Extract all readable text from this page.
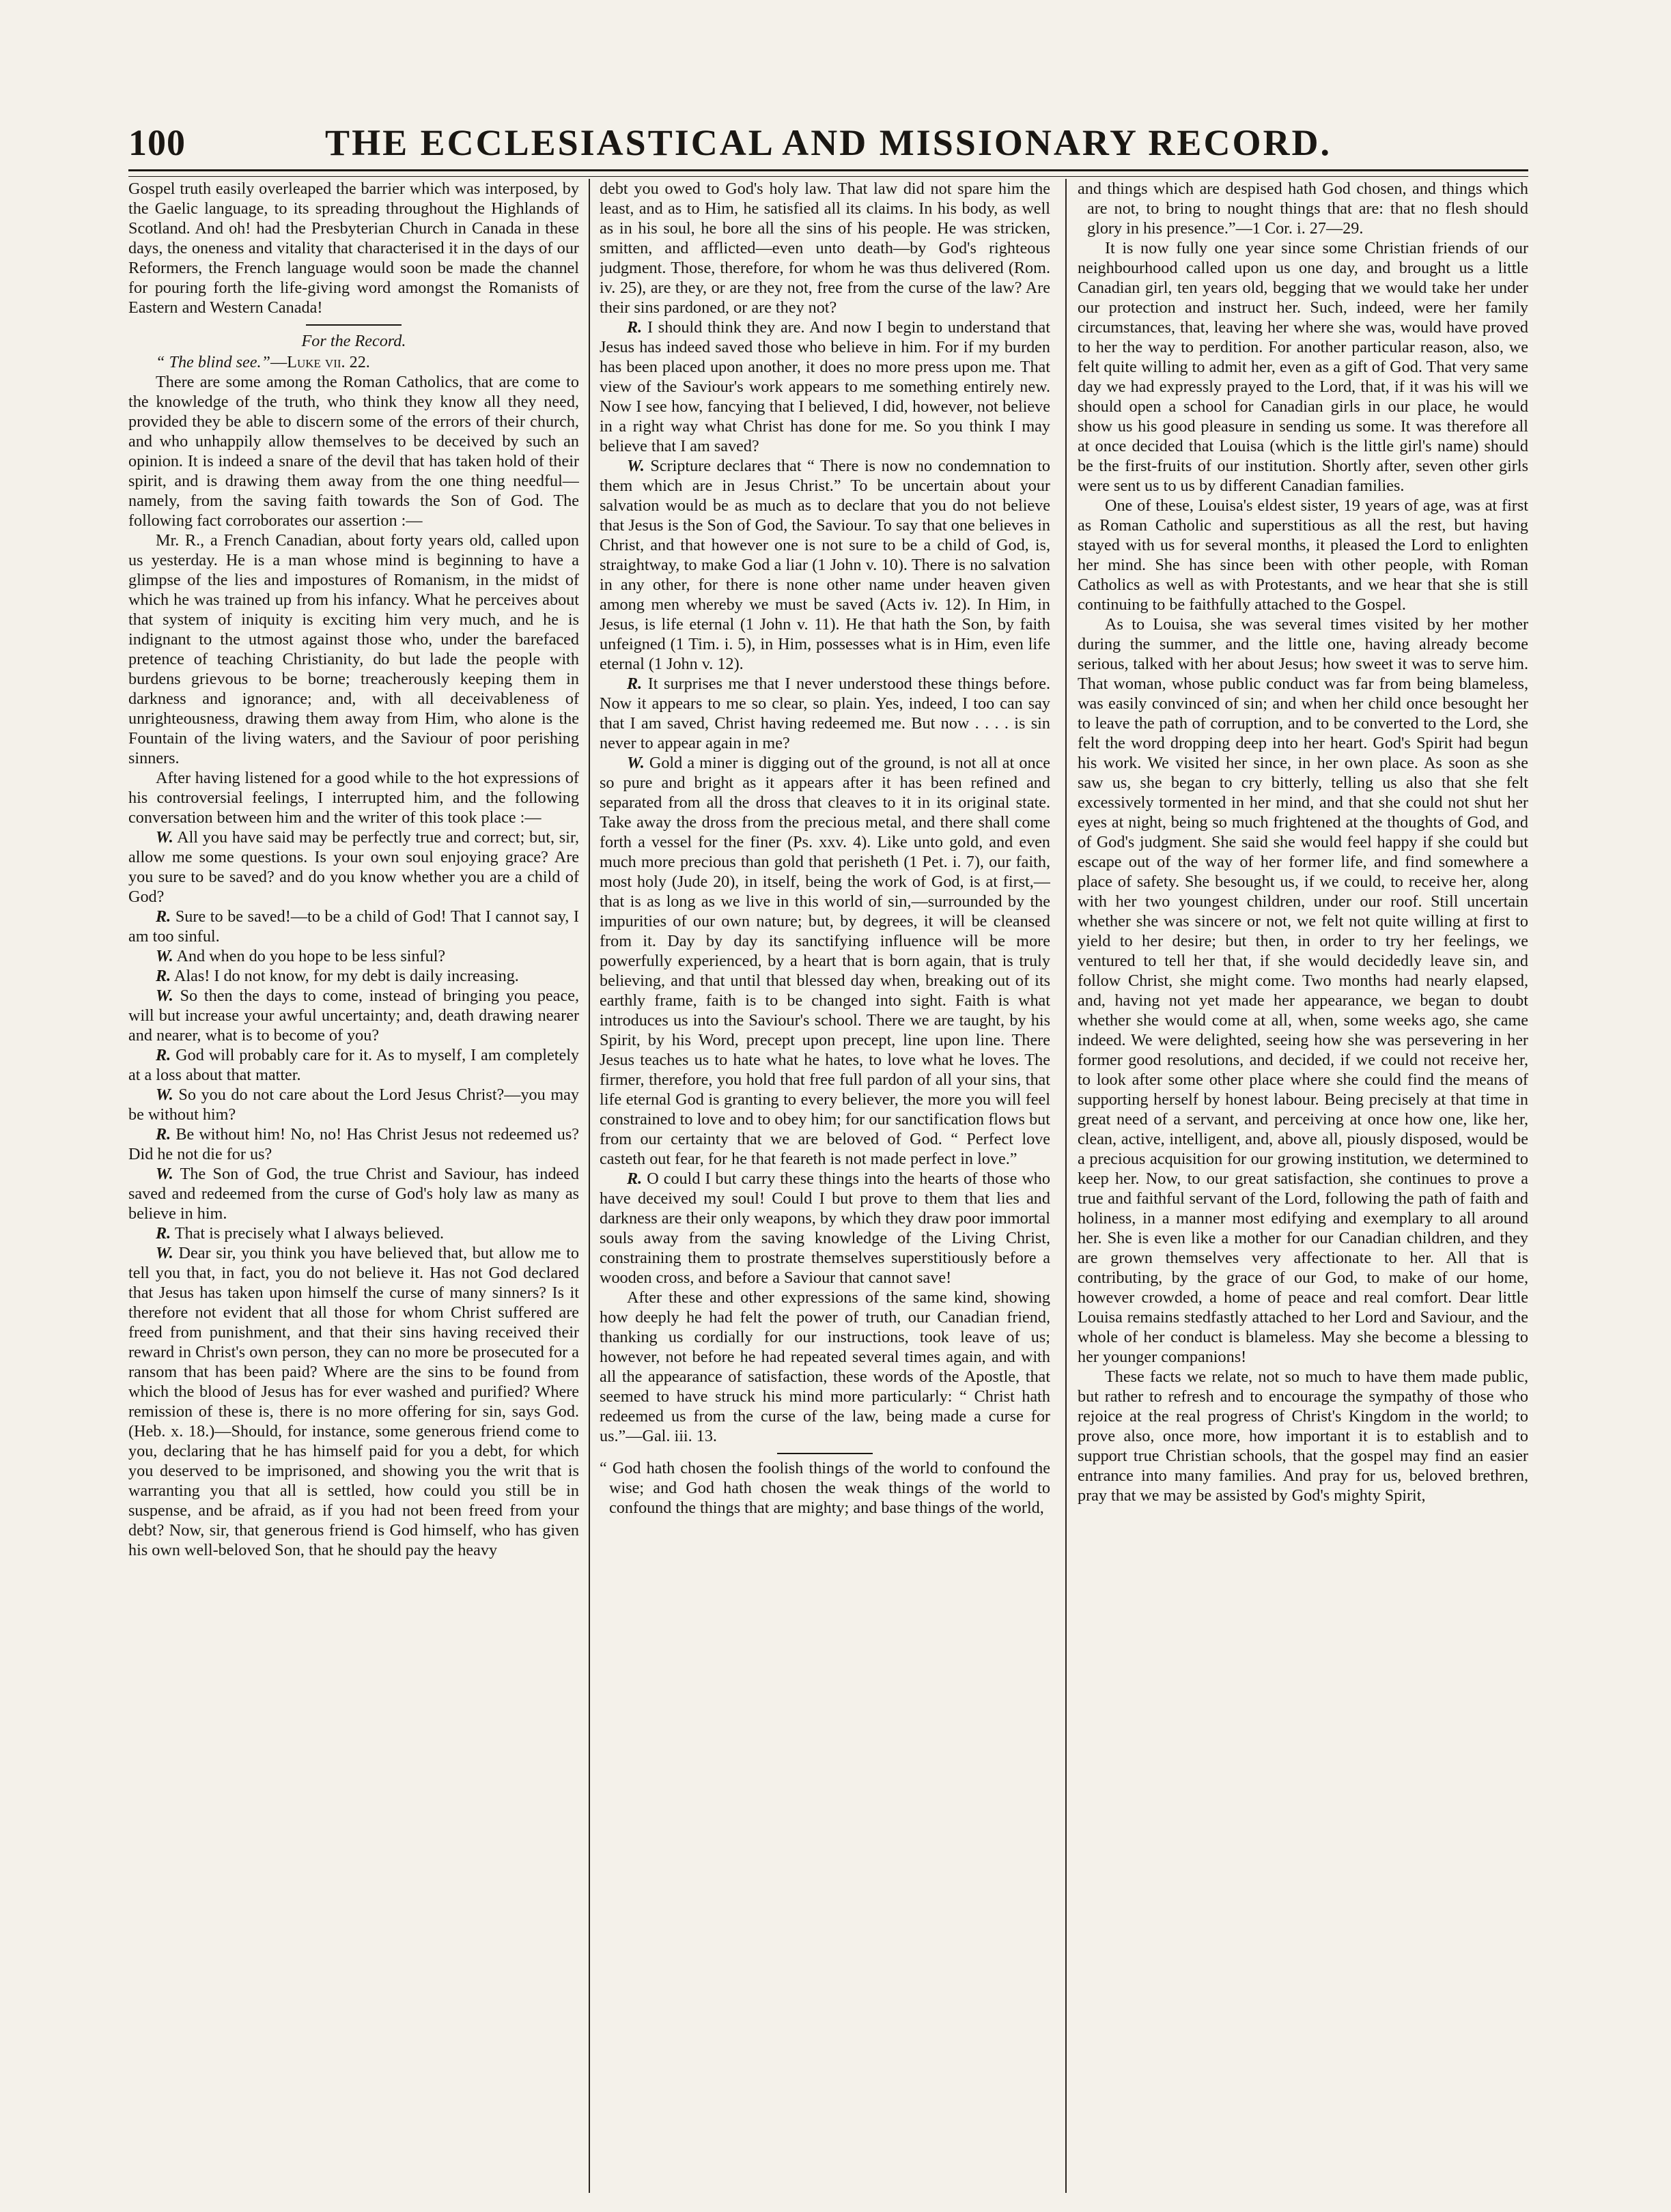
100	THE ECCLESIASTICAL AND MISSIONARY RECORD.

Gospel truth easily overleaped the barrier which was interposed, by the Gaelic language, to its spreading throughout the Highlands of Scotland. And oh! had the Presbyterian Church in Canada in these days, the oneness and vitality that characterised it in the days of our Reformers, the French language would soon be made the channel for pouring forth the life-giving word amongst the Romanists of Eastern and Western Canada!

For the Record.

“ The blind see.”—Luke vii. 22.

There are some among the Roman Catholics, that are come to the knowledge of the truth, who think they know all they need, provided they be able to discern some of the errors of their church, and who unhappily allow themselves to be deceived by such an opinion. It is indeed a snare of the devil that has taken hold of their spirit, and is drawing them away from the one thing needful—namely, from the saving faith towards the Son of God. The following fact corroborates our assertion :—

Mr. R., a French Canadian, about forty years old, called upon us yesterday. He is a man whose mind is beginning to have a glimpse of the lies and impostures of Romanism, in the midst of which he was trained up from his infancy. What he perceives about that system of iniquity is exciting him very much, and he is indignant to the utmost against those who, under the barefaced pretence of teaching Christianity, do but lade the people with burdens grievous to be borne; treacherously keeping them in darkness and ignorance; and, with all deceivableness of unrighteousness, drawing them away from Him, who alone is the Fountain of the living waters, and the Saviour of poor perishing sinners.

After having listened for a good while to the hot expressions of his controversial feelings, I interrupted him, and the following conversation between him and the writer of this took place :—

W. All you have said may be perfectly true and correct; but, sir, allow me some questions. Is your own soul enjoying grace? Are you sure to be saved? and do you know whether you are a child of God?

R. Sure to be saved!—to be a child of God! That I cannot say, I am too sinful.

W. And when do you hope to be less sinful?

R. Alas! I do not know, for my debt is daily increasing.

W. So then the days to come, instead of bringing you peace, will but increase your awful uncertainty; and, death drawing nearer and nearer, what is to become of you?

R. God will probably care for it. As to myself, I am completely at a loss about that matter.

W. So you do not care about the Lord Jesus Christ?—you may be without him?

R. Be without him! No, no! Has Christ Jesus not redeemed us? Did he not die for us?

W. The Son of God, the true Christ and Saviour, has indeed saved and redeemed from the curse of God's holy law as many as believe in him.

R. That is precisely what I always believed.

W. Dear sir, you think you have believed that, but allow me to tell you that, in fact, you do not believe it. Has not God declared that Jesus has taken upon himself the curse of many sinners? Is it therefore not evident that all those for whom Christ suffered are freed from punishment, and that their sins having received their reward in Christ's own person, they can no more be prosecuted for a ransom that has been paid? Where are the sins to be found from which the blood of Jesus has for ever washed and purified? Where remission of these is, there is no more offering for sin, says God. (Heb. x. 18.)—Should, for instance, some generous friend come to you, declaring that he has himself paid for you a debt, for which you deserved to be imprisoned, and showing you the writ that is warranting you that all is settled, how could you still be in suspense, and be afraid, as if you had not been freed from your debt? Now, sir, that generous friend is God himself, who has given his own well-beloved Son, that he should pay the heavy

debt you owed to God's holy law. That law did not spare him the least, and as to Him, he satisfied all its claims. In his body, as well as in his soul, he bore all the sins of his people. He was stricken, smitten, and afflicted—even unto death—by God's righteous judgment. Those, therefore, for whom he was thus delivered (Rom. iv. 25), are they, or are they not, free from the curse of the law? Are their sins pardoned, or are they not?

R. I should think they are. And now I begin to understand that Jesus has indeed saved those who believe in him. For if my burden has been placed upon another, it does no more press upon me. That view of the Saviour's work appears to me something entirely new. Now I see how, fancying that I believed, I did, however, not believe in a right way what Christ has done for me. So you think I may believe that I am saved?

W. Scripture declares that “ There is now no condemnation to them which are in Jesus Christ.” To be uncertain about your salvation would be as much as to declare that you do not believe that Jesus is the Son of God, the Saviour. To say that one believes in Christ, and that however one is not sure to be a child of God, is, straightway, to make God a liar (1 John v. 10). There is no salvation in any other, for there is none other name under heaven given among men whereby we must be saved (Acts iv. 12). In Him, in Jesus, is life eternal (1 John v. 11). He that hath the Son, by faith unfeigned (1 Tim. i. 5), in Him, possesses what is in Him, even life eternal (1 John v. 12).

R. It surprises me that I never understood these things before. Now it appears to me so clear, so plain. Yes, indeed, I too can say that I am saved, Christ having redeemed me. But now . . . . is sin never to appear again in me?

W. Gold a miner is digging out of the ground, is not all at once so pure and bright as it appears after it has been refined and separated from all the dross that cleaves to it in its original state. Take away the dross from the precious metal, and there shall come forth a vessel for the finer (Ps. xxv. 4). Like unto gold, and even much more precious than gold that perisheth (1 Pet. i. 7), our faith, most holy (Jude 20), in itself, being the work of God, is at first,—that is as long as we live in this world of sin,—surrounded by the impurities of our own nature; but, by degrees, it will be cleansed from it. Day by day its sanctifying influence will be more powerfully experienced, by a heart that is born again, that is truly believing, and that until that blessed day when, breaking out of its earthly frame, faith is to be changed into sight. Faith is what introduces us into the Saviour's school. There we are taught, by his Spirit, by his Word, precept upon precept, line upon line. There Jesus teaches us to hate what he hates, to love what he loves. The firmer, therefore, you hold that free full pardon of all your sins, that life eternal God is granting to every believer, the more you will feel constrained to love and to obey him; for our sanctification flows but from our certainty that we are beloved of God. “ Perfect love casteth out fear, for he that feareth is not made perfect in love.”

R. O could I but carry these things into the hearts of those who have deceived my soul! Could I but prove to them that lies and darkness are their only weapons, by which they draw poor immortal souls away from the saving knowledge of the Living Christ, constraining them to prostrate themselves superstitiously before a wooden cross, and before a Saviour that cannot save!

After these and other expressions of the same kind, showing how deeply he had felt the power of truth, our Canadian friend, thanking us cordially for our instructions, took leave of us; however, not before he had repeated several times again, and with all the appearance of satisfaction, these words of the Apostle, that seemed to have struck his mind more particularly: “ Christ hath redeemed us from the curse of the law, being made a curse for us.”—Gal. iii. 13.

“ God hath chosen the foolish things of the world to confound the wise; and God hath chosen the weak things of the world to confound the things that are mighty; and base things of the world,

and things which are despised hath God chosen, and things which are not, to bring to nought things that are: that no flesh should glory in his presence.”—1 Cor. i. 27—29.

It is now fully one year since some Christian friends of our neighbourhood called upon us one day, and brought us a little Canadian girl, ten years old, begging that we would take her under our protection and instruct her. Such, indeed, were her family circumstances, that, leaving her where she was, would have proved to her the way to perdition. For another particular reason, also, we felt quite willing to admit her, even as a gift of God. That very same day we had expressly prayed to the Lord, that, if it was his will we should open a school for Canadian girls in our place, he would show us his good pleasure in sending us some. It was therefore all at once decided that Louisa (which is the little girl's name) should be the first-fruits of our institution. Shortly after, seven other girls were sent us to us by different Canadian families.

One of these, Louisa's eldest sister, 19 years of age, was at first as Roman Catholic and superstitious as all the rest, but having stayed with us for several months, it pleased the Lord to enlighten her mind. She has since been with other people, with Roman Catholics as well as with Protestants, and we hear that she is still continuing to be faithfully attached to the Gospel.

As to Louisa, she was several times visited by her mother during the summer, and the little one, having already become serious, talked with her about Jesus; how sweet it was to serve him. That woman, whose public conduct was far from being blameless, was easily convinced of sin; and when her child once besought her to leave the path of corruption, and to be converted to the Lord, she felt the word dropping deep into her heart. God's Spirit had begun his work. We visited her since, in her own place. As soon as she saw us, she began to cry bitterly, telling us also that she felt excessively tormented in her mind, and that she could not shut her eyes at night, being so much frightened at the thoughts of God, and of God's judgment. She said she would feel happy if she could but escape out of the way of her former life, and find somewhere a place of safety. She besought us, if we could, to receive her, along with her two youngest children, under our roof. Still uncertain whether she was sincere or not, we felt not quite willing at first to yield to her desire; but then, in order to try her feelings, we ventured to tell her that, if she would decidedly leave sin, and follow Christ, she might come. Two months had nearly elapsed, and, having not yet made her appearance, we began to doubt whether she would come at all, when, some weeks ago, she came indeed. We were delighted, seeing how she was persevering in her former good resolutions, and decided, if we could not receive her, to look after some other place where she could find the means of supporting herself by honest labour. Being precisely at that time in great need of a servant, and perceiving at once how one, like her, clean, active, intelligent, and, above all, piously disposed, would be a precious acquisition for our growing institution, we determined to keep her. Now, to our great satisfaction, she continues to prove a true and faithful servant of the Lord, following the path of faith and holiness, in a manner most edifying and exemplary to all around her. She is even like a mother for our Canadian children, and they are grown themselves very affectionate to her. All that is contributing, by the grace of our God, to make of our home, however crowded, a home of peace and real comfort. Dear little Louisa remains stedfastly attached to her Lord and Saviour, and the whole of her conduct is blameless. May she become a blessing to her younger companions!

These facts we relate, not so much to have them made public, but rather to refresh and to encourage the sympathy of those who rejoice at the real progress of Christ's Kingdom in the world; to prove also, once more, how important it is to establish and to support true Christian schools, that the gospel may find an easier entrance into many families. And pray for us, beloved brethren, pray that we may be assisted by God's mighty Spirit,
